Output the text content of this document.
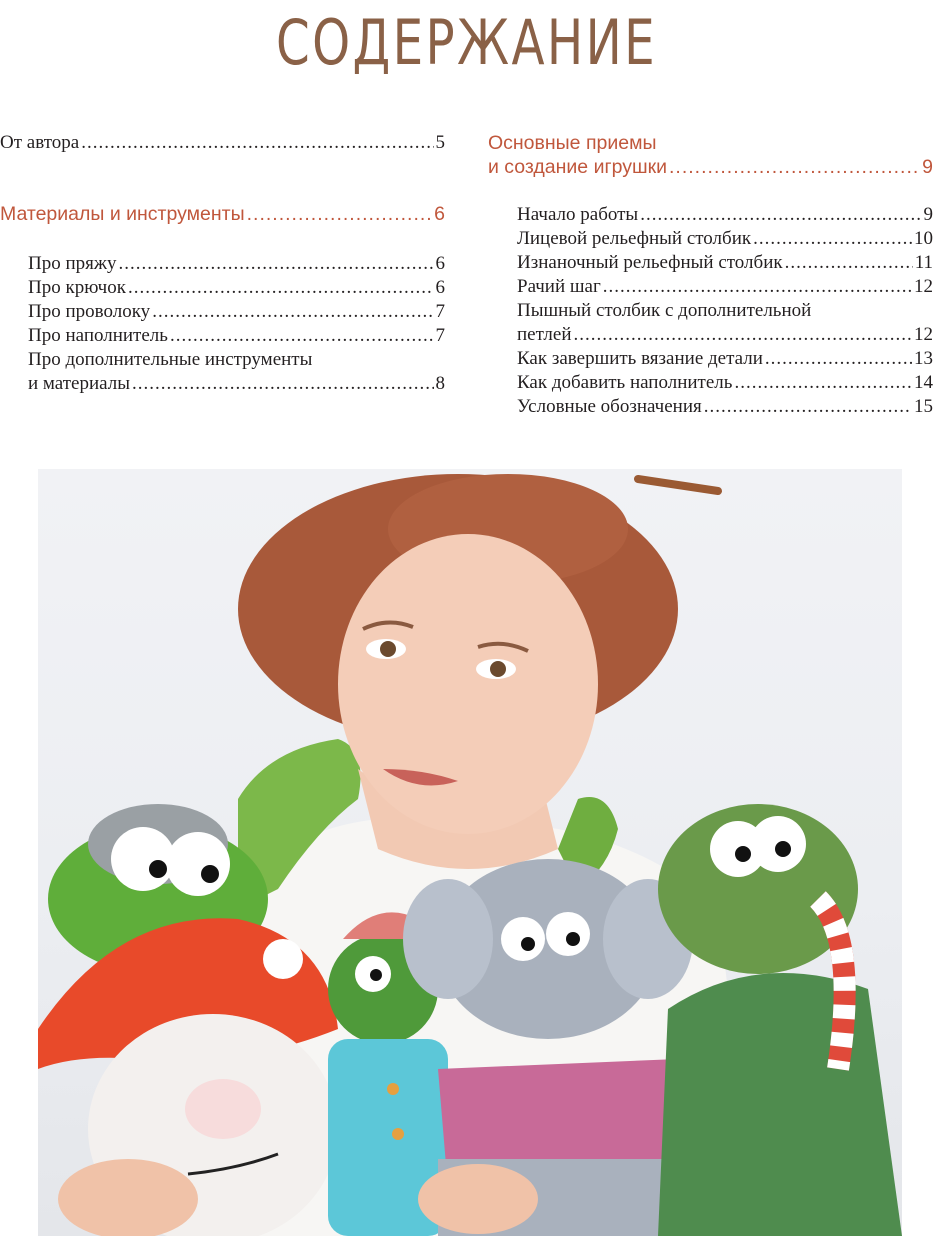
СОДЕРЖАНИЕ
От автора .....	5
Материалы и инструменты .....	6
Про пряжу .....	6
Про крючок .....	6
Про проволоку .....	7
Про наполнитель .....	7
Про дополнительные инструменты
и материалы .....	8
Основные приемы
и создание игрушки .....	9
Начало работы .....	9
Лицевой рельефный столбик .....	10
Изнаночный рельефный столбик .....	11
Рачий шаг .....	12
Пышный столбик с дополнительной
петлей .....	12
Как завершить вязание детали .....	13
Как добавить наполнитель .....	14
Условные обозначения .....	15
